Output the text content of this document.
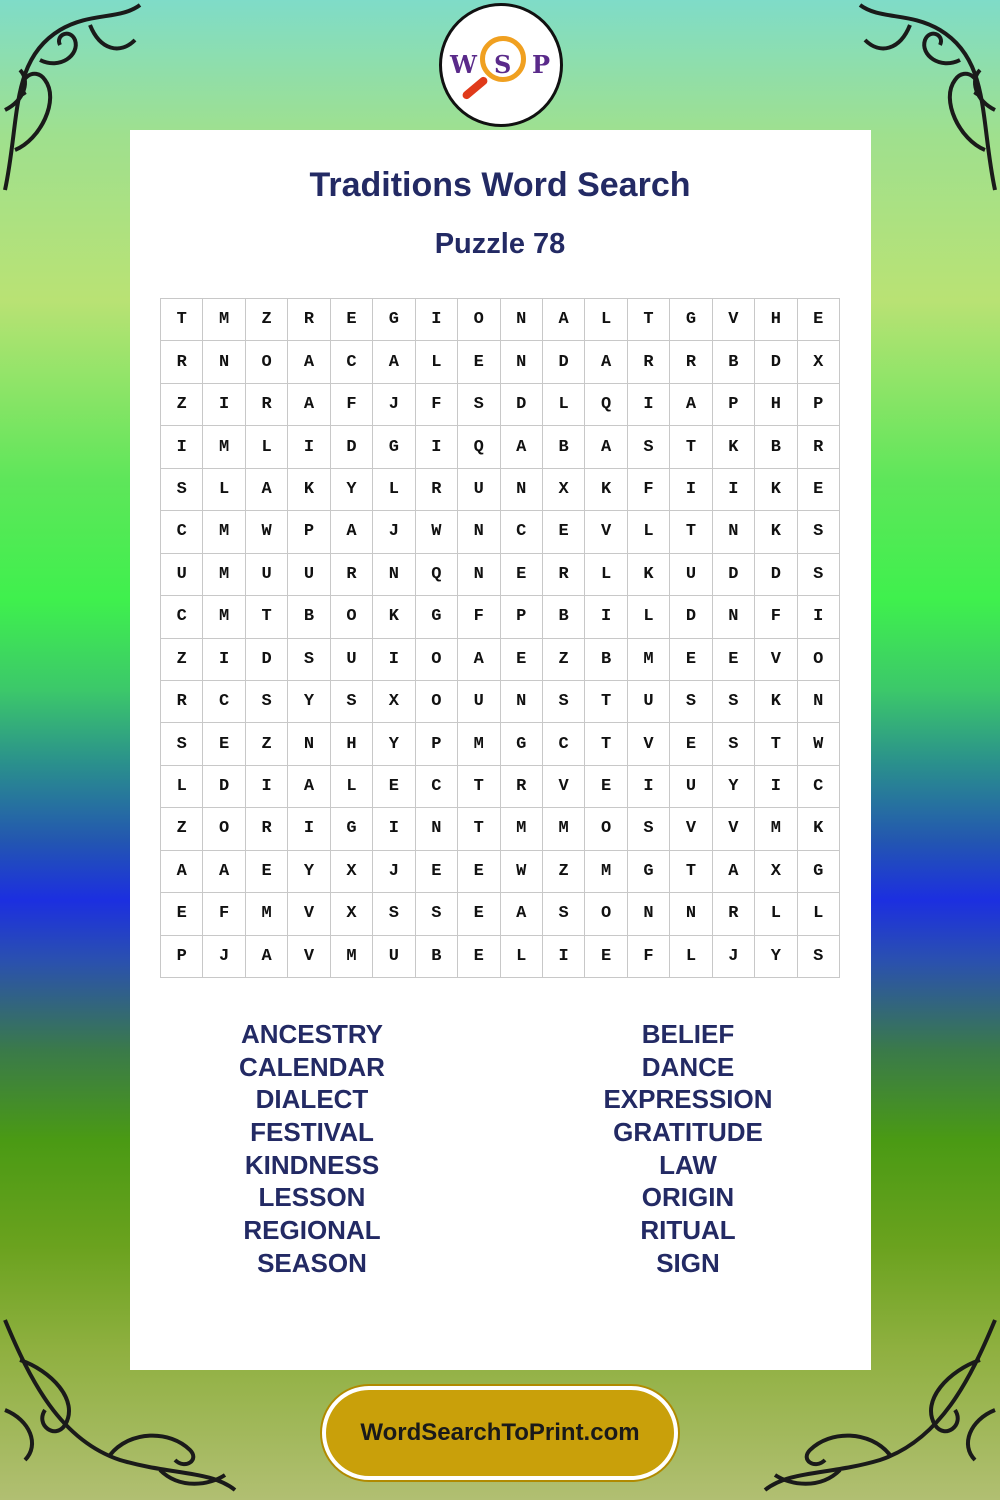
W S P
Traditions Word Search
Puzzle 78
T	M	Z	R	E	G	I	O	N	A	L	T	G	V	H	E
R	N	O	A	C	A	L	E	N	D	A	R	R	B	D	X
Z	I	R	A	F	J	F	S	D	L	Q	I	A	P	H	P
I	M	L	I	D	G	I	Q	A	B	A	S	T	K	B	R
S	L	A	K	Y	L	R	U	N	X	K	F	I	I	K	E
C	M	W	P	A	J	W	N	C	E	V	L	T	N	K	S
U	M	U	U	R	N	Q	N	E	R	L	K	U	D	D	S
C	M	T	B	O	K	G	F	P	B	I	L	D	N	F	I
Z	I	D	S	U	I	O	A	E	Z	B	M	E	E	V	O
R	C	S	Y	S	X	O	U	N	S	T	U	S	S	K	N
S	E	Z	N	H	Y	P	M	G	C	T	V	E	S	T	W
L	D	I	A	L	E	C	T	R	V	E	I	U	Y	I	C
Z	O	R	I	G	I	N	T	M	M	O	S	V	V	M	K
A	A	E	Y	X	J	E	E	W	Z	M	G	T	A	X	G
E	F	M	V	X	S	S	E	A	S	O	N	N	R	L	L
P	J	A	V	M	U	B	E	L	I	E	F	L	J	Y	S
ANCESTRY
CALENDAR
DIALECT
FESTIVAL
KINDNESS
LESSON
REGIONAL
SEASON
BELIEF
DANCE
EXPRESSION
GRATITUDE
LAW
ORIGIN
RITUAL
SIGN
WordSearchToPrint.com
